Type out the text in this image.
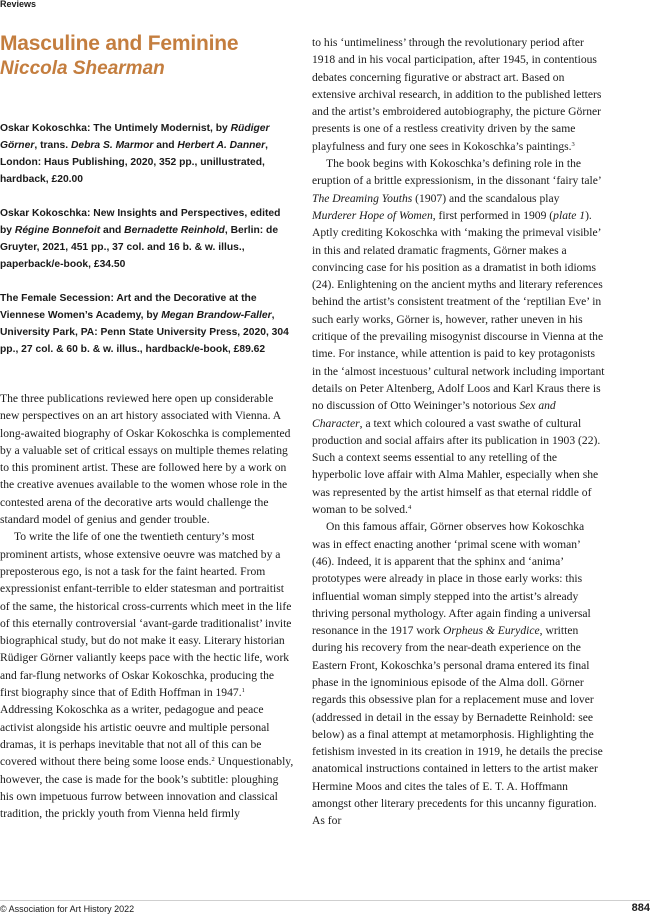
Reviews
Masculine and Feminine
Niccola Shearman

Oskar Kokoschka: The Untimely Modernist, by Rüdiger Görner, trans. Debra S. Marmor and Herbert A. Danner, London: Haus Publishing, 2020, 352 pp., unillustrated, hardback, £20.00

Oskar Kokoschka: New Insights and Perspectives, edited by Régine Bonnefoit and Bernadette Reinhold, Berlin: de Gruyter, 2021, 451 pp., 37 col. and 16 b. & w. illus., paperback/e-book, £34.50

The Female Secession: Art and the Decorative at the Viennese Women’s Academy, by Megan Brandow-Faller, University Park, PA: Penn State University Press, 2020, 304 pp., 27 col. & 60 b. & w. illus., hardback/e-book, £89.62

The three publications reviewed here open up considerable new perspectives on an art history associated with Vienna. A long-awaited biography of Oskar Kokoschka is complemented by a valuable set of critical essays on multiple themes relating to this prominent artist. These are followed here by a work on the creative avenues available to the women whose role in the contested arena of the decorative arts would challenge the standard model of genius and gender trouble.

To write the life of one the twentieth century’s most prominent artists, whose extensive oeuvre was matched by a preposterous ego, is not a task for the faint hearted. From expressionist enfant-terrible to elder statesman and portraitist of the same, the historical cross-currents which meet in the life of this eternally controversial ‘avant-garde traditionalist’ invite biographical study, but do not make it easy. Literary historian Rüdiger Görner valiantly keeps pace with the hectic life, work and far-flung networks of Oskar Kokoschka, producing the first biography since that of Edith Hoffman in 1947.$^1$ Addressing Kokoschka as a writer, pedagogue and peace activist alongside his artistic oeuvre and multiple personal dramas, it is perhaps inevitable that not all of this can be covered without there being some loose ends.$^2$ Unquestionably, however, the case is made for the book’s subtitle: ploughing his own impetuous furrow between innovation and classical tradition, the prickly youth from Vienna held firmly

to his ‘untimeliness’ through the revolutionary period after 1918 and in his vocal participation, after 1945, in contentious debates concerning figurative or abstract art. Based on extensive archival research, in addition to the published letters and the artist’s embroidered autobiography, the picture Görner presents is one of a restless creativity driven by the same playfulness and fury one sees in Kokoschka’s paintings.$^3$

The book begins with Kokoschka’s defining role in the eruption of a brittle expressionism, in the dissonant ‘fairy tale’ The Dreaming Youths (1907) and the scandalous play Murderer Hope of Women, first performed in 1909 (plate 1). Aptly crediting Kokoschka with ‘making the primeval visible’ in this and related dramatic fragments, Görner makes a convincing case for his position as a dramatist in both idioms (24). Enlightening on the ancient myths and literary references behind the artist’s consistent treatment of the ‘reptilian Eve’ in such early works, Görner is, however, rather uneven in his critique of the prevailing misogynist discourse in Vienna at the time. For instance, while attention is paid to key protagonists in the ‘almost incestuous’ cultural network including important details on Peter Altenberg, Adolf Loos and Karl Kraus there is no discussion of Otto Weininger’s notorious Sex and Character, a text which coloured a vast swathe of cultural production and social affairs after its publication in 1903 (22). Such a context seems essential to any retelling of the hyperbolic love affair with Alma Mahler, especially when she was represented by the artist himself as that eternal riddle of woman to be solved.$^4$

On this famous affair, Görner observes how Kokoschka was in effect enacting another ‘primal scene with woman’ (46). Indeed, it is apparent that the sphinx and ‘anima’ prototypes were already in place in those early works: this influential woman simply stepped into the artist’s already thriving personal mythology. After again finding a universal resonance in the 1917 work Orpheus & Eurydice, written during his recovery from the near-death experience on the Eastern Front, Kokoschka’s personal drama entered its final phase in the ignominious episode of the Alma doll. Görner regards this obsessive plan for a replacement muse and lover (addressed in detail in the essay by Bernadette Reinhold: see below) as a final attempt at metamorphosis. Highlighting the fetishism invested in its creation in 1919, he details the precise anatomical instructions contained in letters to the artist maker Hermine Moos and cites the tales of E. T. A. Hoffmann amongst other literary precedents for this uncanny figuration. As for

© Association for Art History 2022	884
